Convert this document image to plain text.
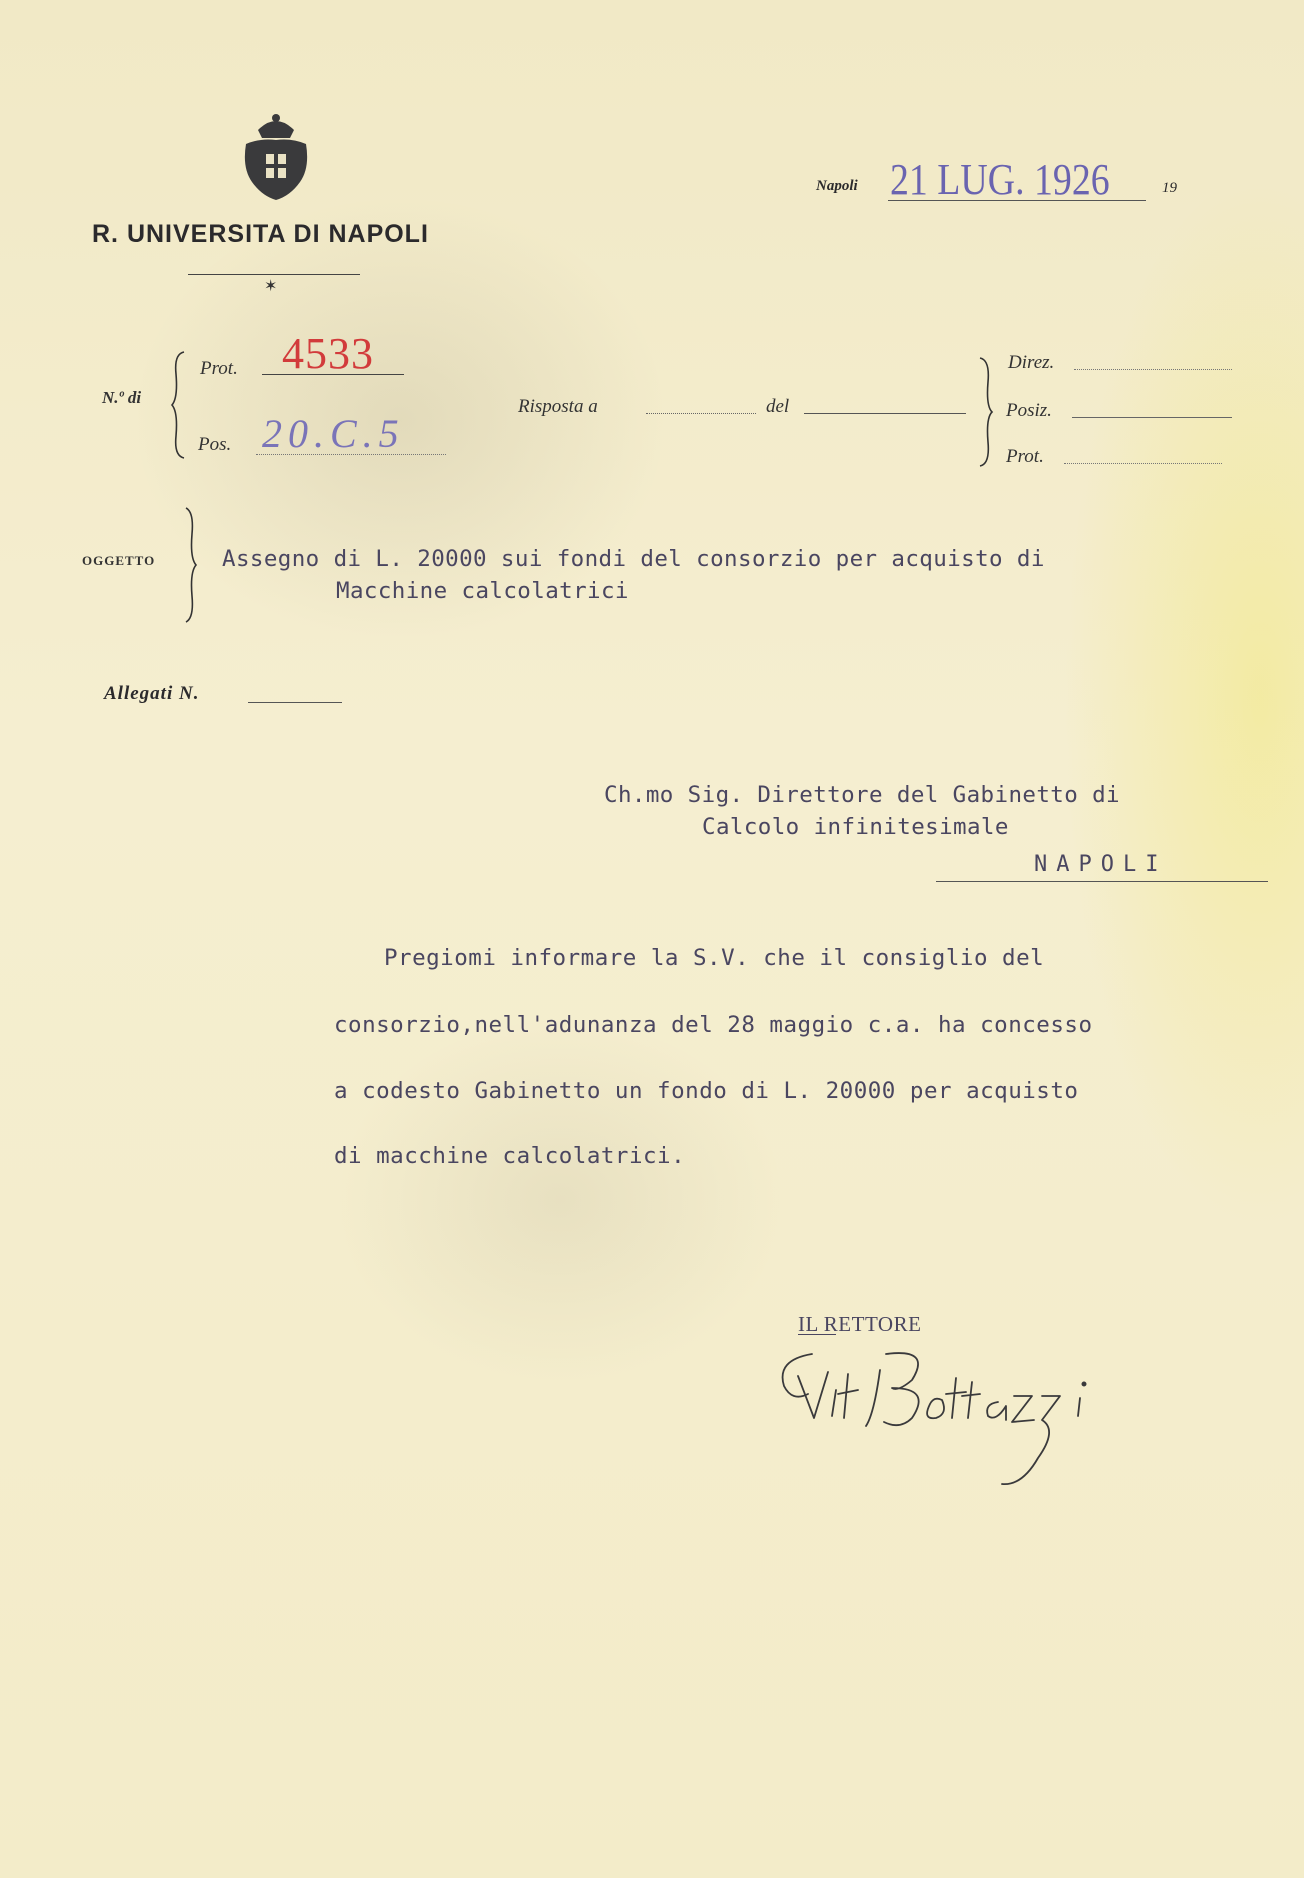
R. UNIVERSITA DI NAPOLI
✶
Napoli 21 LUG. 1926	19
N.º di
Prot. 4533
Pos. 20.C.5
Risposta a	del
Direz.
Posiz.
Prot.
OGGETTO	Assegno di L. 20000 sui fondi del consorzio per acquisto di
Macchine calcolatrici
Allegati N.
Ch.mo Sig. Direttore del Gabinetto di
Calcolo infinitesimale
NAPOLI
Pregiomi informare la S.V. che il consiglio del
consorzio,nell'adunanza del 28 maggio c.a. ha concesso
a codesto Gabinetto un fondo di L. 20000 per acquisto
di macchine calcolatrici.
IL RETTORE
